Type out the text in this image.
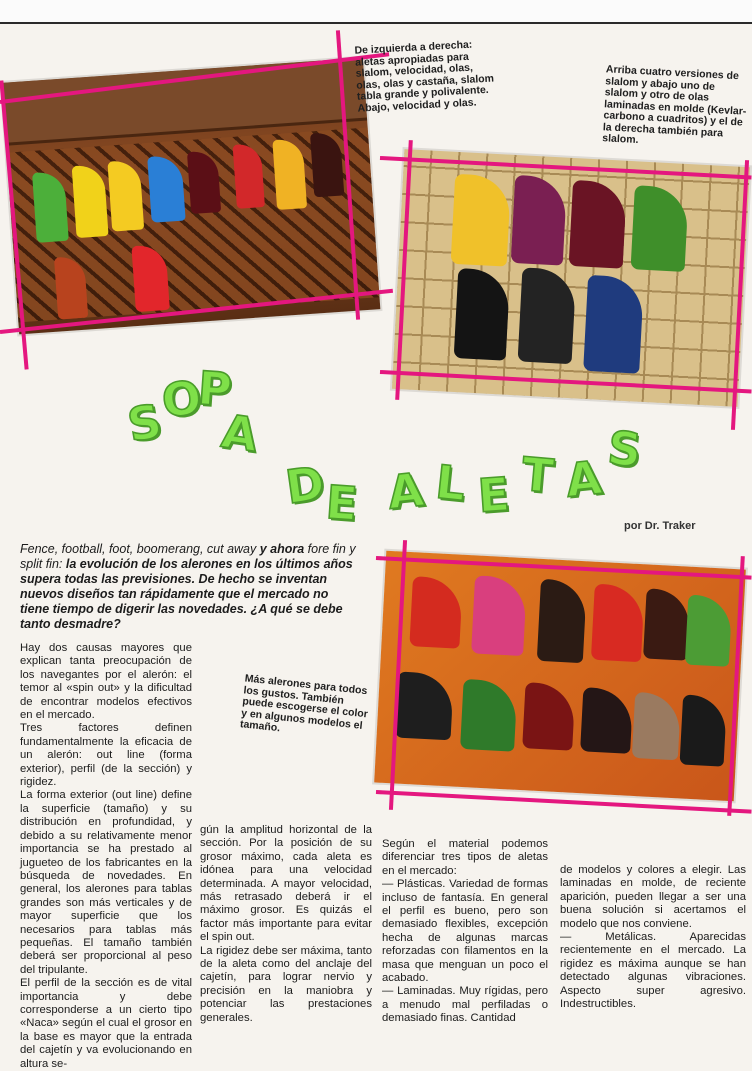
De izquierda a derecha: aletas apropiadas para slalom, velocidad, olas, olas, olas y castaña, slalom tabla grande y polivalente. Abajo, velocidad y olas.
Arriba cuatro versiones de slalom y abajo uno de slalom y otro de olas laminadas en molde (Kevlar-carbono a cuadritos) y el de la derecha también para slalom.
S
O
P
A
D
E A L E T A
S
por Dr. Traker
Más alerones para todos los gustos. También puede escogerse el color y en algunos modelos el tamaño.
Fence, football, foot, boomerang, cut away y ahora fore fin y split fin: la evolución de los alerones en los últimos años supera todas las previsiones. De hecho se inventan nuevos diseños tan rápidamente que el mercado no tiene tiempo de digerir las novedades. ¿A qué se debe tanto desmadre?
Hay dos causas mayores que explican tanta preocupación de los navegantes por el alerón: el temor al «spin out» y la dificultad de encontrar modelos efectivos en el mercado.
Tres factores definen fundamentalmente la eficacia de un alerón: out line (forma exterior), perfil (de la sección) y rigidez.
La forma exterior (out line) define la superficie (tamaño) y su distribución en profundidad, y debido a su relativamente menor importancia se ha prestado al jugueteo de los fabricantes en la búsqueda de novedades. En general, los alerones para tablas grandes son más verticales y de mayor superficie que los necesarios para tablas más pequeñas. El tamaño también deberá ser proporcional al peso del tripulante.
El perfil de la sección es de vital importancia y debe corresponderse a un cierto tipo «Naca» según el cual el grosor en la base es mayor que la entrada del cajetín y va evolucionando en altura se-
gún la amplitud horizontal de la sección. Por la posición de su grosor máximo, cada aleta es idónea para una velocidad determinada. A mayor velocidad, más retrasado deberá ir el máximo grosor. Es quizás el factor más importante para evitar el spin out.
La rigidez debe ser máxima, tanto de la aleta como del anclaje del cajetín, para lograr nervio y precisión en la maniobra y potenciar las prestaciones generales.
Según el material podemos diferenciar tres tipos de aletas en el mercado:
— Plásticas. Variedad de formas incluso de fantasía. En general el perfil es bueno, pero son demasiado flexibles, excepción hecha de algunas marcas reforzadas con filamentos en la masa que menguan un poco el acabado.
— Laminadas. Muy rígidas, pero a menudo mal perfiladas o demasiado finas. Cantidad
de modelos y colores a elegir. Las laminadas en molde, de reciente aparición, pueden llegar a ser una buena solución si acertamos el modelo que nos conviene.
— Metálicas. Aparecidas recientemente en el mercado. La rigidez es máxima aunque se han detectado algunas vibraciones. Aspecto super agresivo. Indestructibles.
